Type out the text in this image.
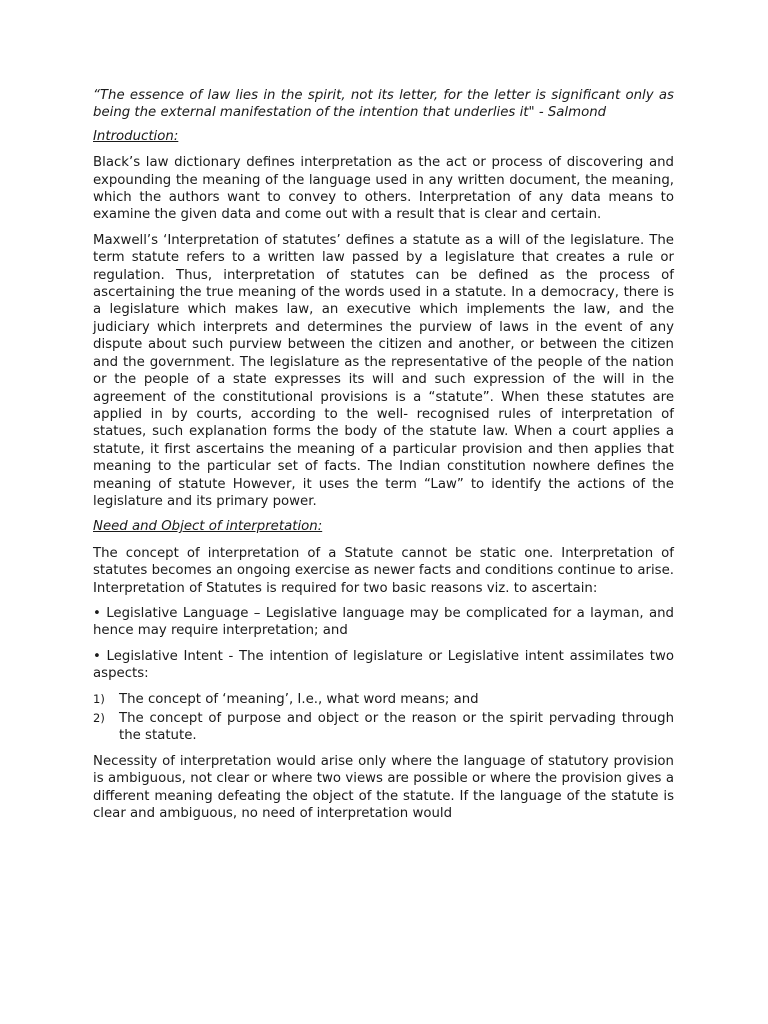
“The essence of law lies in the spirit, not its letter, for the letter is significant only as being the external manifestation of the intention that underlies it" - Salmond

Introduction:

Black’s law dictionary defines interpretation as the act or process of discovering and expounding the meaning of the language used in any written document, the meaning, which the authors want to convey to others. Interpretation of any data means to examine the given data and come out with a result that is clear and certain.

Maxwell’s ‘Interpretation of statutes’ defines a statute as a will of the legislature. The term statute refers to a written law passed by a legislature that creates a rule or regulation. Thus, interpretation of statutes can be defined as the process of ascertaining the true meaning of the words used in a statute. In a democracy, there is a legislature which makes law, an executive which implements the law, and the judiciary which interprets and determines the purview of laws in the event of any dispute about such purview between the citizen and another, or between the citizen and the government. The legislature as the representative of the people of the nation or the people of a state expresses its will and such expression of the will in the agreement of the constitutional provisions is a “statute”. When these statutes are applied in by courts, according to the well- recognised rules of interpretation of statues, such explanation forms the body of the statute law. When a court applies a statute, it first ascertains the meaning of a particular provision and then applies that meaning to the particular set of facts. The Indian constitution nowhere defines the meaning of statute However, it uses the term “Law” to identify the actions of the legislature and its primary power.

Need and Object of interpretation:

The concept of interpretation of a Statute cannot be static one. Interpretation of statutes becomes an ongoing exercise as newer facts and conditions continue to arise. Interpretation of Statutes is required for two basic reasons viz. to ascertain:

• Legislative Language – Legislative language may be complicated for a layman, and hence may require interpretation; and

• Legislative Intent - The intention of legislature or Legislative intent assimilates two aspects:

1)	The concept of ‘meaning’, I.e., what word means; and
2)	The concept of purpose and object or the reason or the spirit pervading through the statute.

Necessity of interpretation would arise only where the language of statutory provision is ambiguous, not clear or where two views are possible or where the provision gives a different meaning defeating the object of the statute. If the language of the statute is clear and ambiguous, no need of interpretation would
